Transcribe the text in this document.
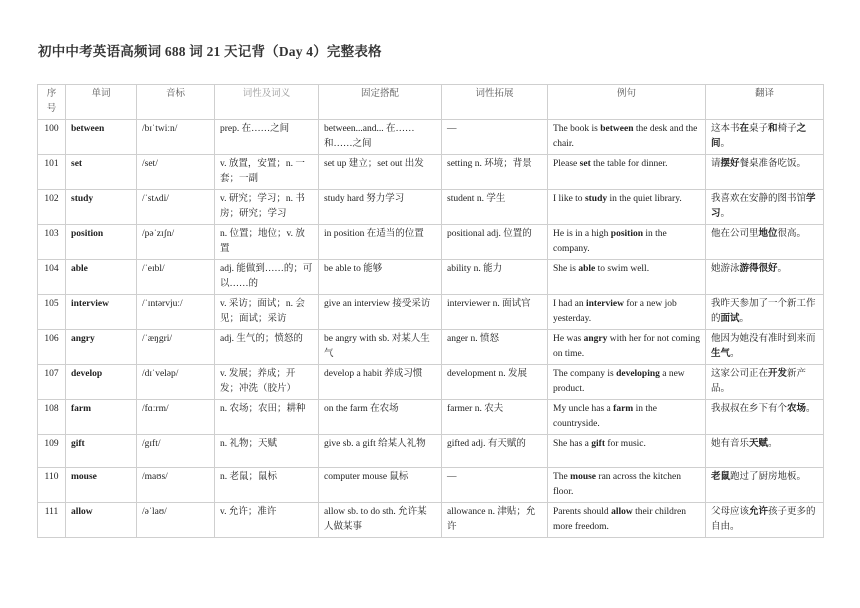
初中中考英语高频词 688 词 21 天记背（Day 4）完整表格
序号	单词	音标	词性及词义	固定搭配	词性拓展	例句	翻译
100	between	/bɪˈtwiːn/	prep. 在……之间	between...and... 在……和……之间	—	The book is between the desk and the chair.	这本书在桌子和椅子之间。
101	set	/set/	v. 放置，安置；n. 一套；一副	set up 建立；set out 出发	setting n. 环境；背景	Please set the table for dinner.	请摆好餐桌准备吃饭。
102	study	/ˈstʌdi/	v. 研究；学习；n. 书房；研究；学习	study hard 努力学习	student n. 学生	I like to study in the quiet library.	我喜欢在安静的图书馆学习。
103	position	/pəˈzɪʃn/	n. 位置；地位；v. 放置	in position 在适当的位置	positional adj. 位置的	He is in a high position in the company.	他在公司里地位很高。
104	able	/ˈeɪbl/	adj. 能做到……的；可以……的	be able to 能够	ability n. 能力	She is able to swim well.	她游泳游得很好。
105	interview	/ˈɪntərvjuː/	v. 采访；面试；n. 会见；面试；采访	give an interview 接受采访	interviewer n. 面试官	I had an interview for a new job yesterday.	我昨天参加了一个新工作的面试。
106	angry	/ˈæŋgri/	adj. 生气的；愤怒的	be angry with sb. 对某人生气	anger n. 愤怒	He was angry with her for not coming on time.	他因为她没有准时到来而生气。
107	develop	/dɪˈveləp/	v. 发展；养成；开发；冲洗（胶片）	develop a habit 养成习惯	development n. 发展	The company is developing a new product.	这家公司正在开发新产品。
108	farm	/fɑːrm/	n. 农场；农田；耕种	on the farm 在农场	farmer n. 农夫	My uncle has a farm in the countryside.	我叔叔在乡下有个农场。
109	gift	/gɪft/	n. 礼物；天赋	give sb. a gift 给某人礼物	gifted adj. 有天赋的	She has a gift for music.	她有音乐天赋。
110	mouse	/maʊs/	n. 老鼠；鼠标	computer mouse 鼠标	—	The mouse ran across the kitchen floor.	老鼠跑过了厨房地板。
111	allow	/əˈlaʊ/	v. 允许；准许	allow sb. to do sth. 允许某人做某事	allowance n. 津贴；允许	Parents should allow their children more freedom.	父母应该允许孩子更多的自由。
